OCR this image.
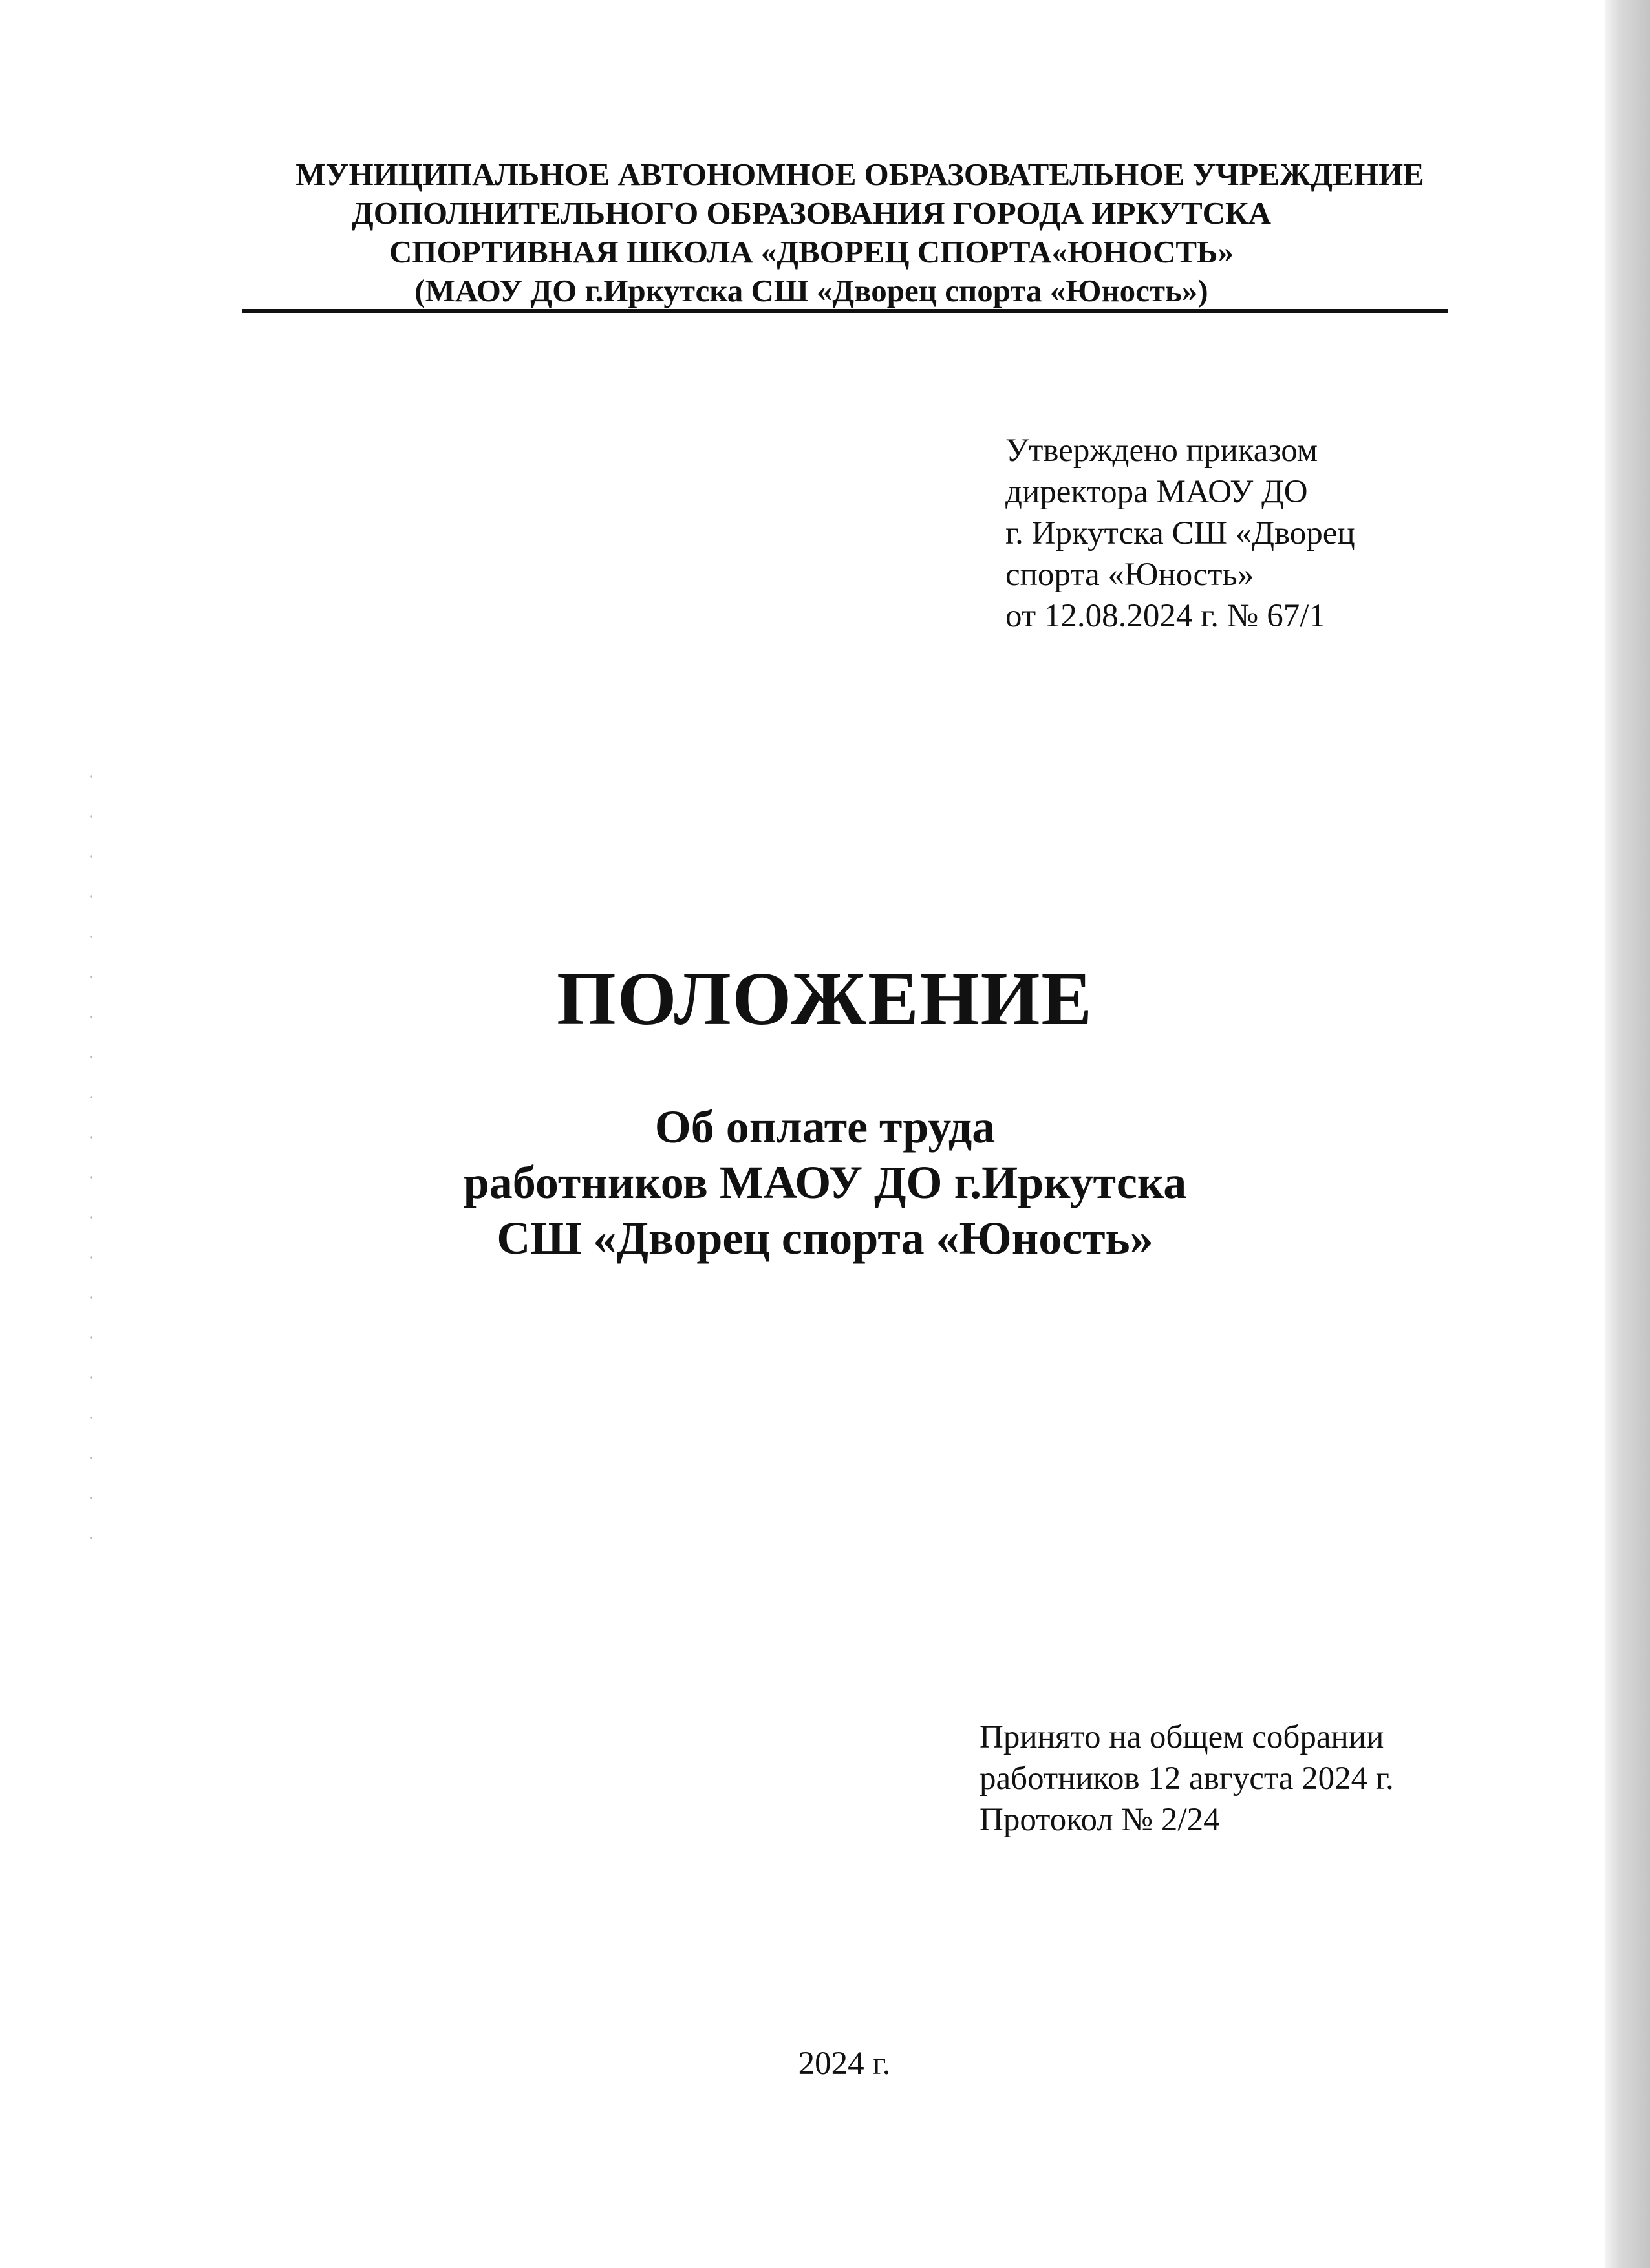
МУНИЦИПАЛЬНОЕ АВТОНОМНОЕ ОБРАЗОВАТЕЛЬНОЕ УЧРЕЖДЕНИЕ
ДОПОЛНИТЕЛЬНОГО ОБРАЗОВАНИЯ ГОРОДА ИРКУТСКА
СПОРТИВНАЯ ШКОЛА «ДВОРЕЦ СПОРТА«ЮНОСТЬ»
(МАОУ ДО г.Иркутска СШ «Дворец спорта «Юность»)
Утверждено приказом
директора МАОУ ДО
г. Иркутска СШ «Дворец
спорта «Юность»
от 12.08.2024 г. № 67/1
ПОЛОЖЕНИЕ
Об оплате труда
работников МАОУ ДО г.Иркутска
СШ «Дворец спорта «Юность»
Принято на общем собрании
работников 12 августа 2024 г.
Протокол № 2/24
2024 г.
